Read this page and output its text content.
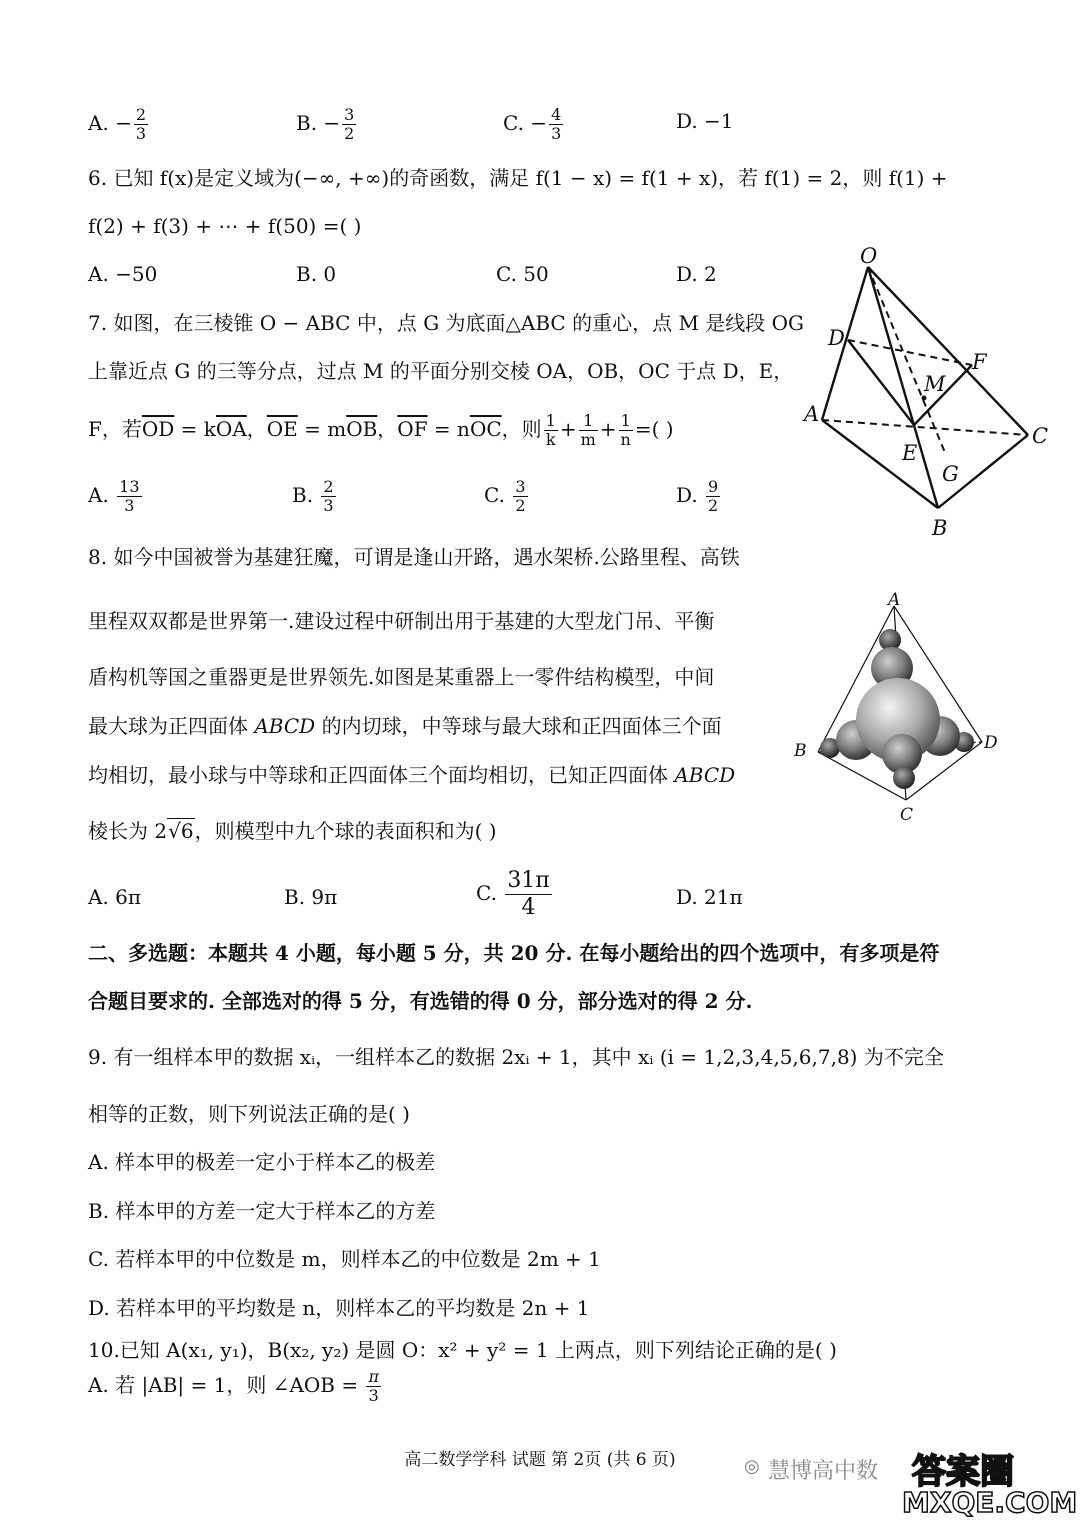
A. − $\frac{2}{3}$	B. − $\frac{3}{2}$	C. − $\frac{4}{3}$	D. −1
6. 已知 f(x)是定义域为(−∞, +∞)的奇函数，满足 f(1 − x) = f(1 + x)，若 f(1) = 2，则 f(1) +
f(2) + f(3) + ⋯ + f(50) =( )
A. −50	B. 0	C. 50	D. 2
7. 如图，在三棱锥 O − ABC 中，点 G 为底面△ABC 的重心，点 M 是线段 OG
上靠近点 G 的三等分点，过点 M 的平面分别交棱 OA，OB，OC 于点 D，E，
F，若$\overline{OD} = k\overline{OA}$，$\overline{OE} = m\overline{OB}$，$\overline{OF} = n\overline{OC}$，则 $\frac{1}{k} + \frac{1}{m} + \frac{1}{n}$ =( )
A. $\frac{13}{3}$	B. $\frac{2}{3}$	C. $\frac{3}{2}$	D. $\frac{9}{2}$
O
D
F
M
A
E
C
G
B
8. 如今中国被誉为基建狂魔，可谓是逢山开路，遇水架桥.公路里程、高铁
里程双双都是世界第一.建设过程中研制出用于基建的大型龙门吊、平衡
盾构机等国之重器更是世界领先.如图是某重器上一零件结构模型，中间
最大球为正四面体 ABCD 的内切球，中等球与最大球和正四面体三个面
均相切，最小球与中等球和正四面体三个面均相切，已知正四面体 ABCD
棱长为 2√6，则模型中九个球的表面积和为( )
A. 6π	B. 9π	C. $\frac{31\pi}{4}$	D. 21π
A
B	D
C
二、多选题：本题共 4 小题，每小题 5 分，共 20 分. 在每小题给出的四个选项中，有多项是符
合题目要求的. 全部选对的得 5 分，有选错的得 0 分，部分选对的得 2 分.
9. 有一组样本甲的数据 xᵢ，一组样本乙的数据 2xᵢ + 1，其中 xᵢ (i = 1,2,3,4,5,6,7,8) 为不完全
相等的正数，则下列说法正确的是( )
A. 样本甲的极差一定小于样本乙的极差
B. 样本甲的方差一定大于样本乙的方差
C. 若样本甲的中位数是 m，则样本乙的中位数是 2m + 1
D. 若样本甲的平均数是 n，则样本乙的平均数是 2n + 1
10.已知 A(x₁, y₁)，B(x₂, y₂) 是圆 O：x² + y² = 1 上两点，则下列结论正确的是( )
A. 若 |AB| = 1，则 ∠AOB = $\frac{\pi}{3}$
高二数学学科 试题 第 2页 (共 6 页)	◎ 慧博高中数 答案圈
MXQE.COM
